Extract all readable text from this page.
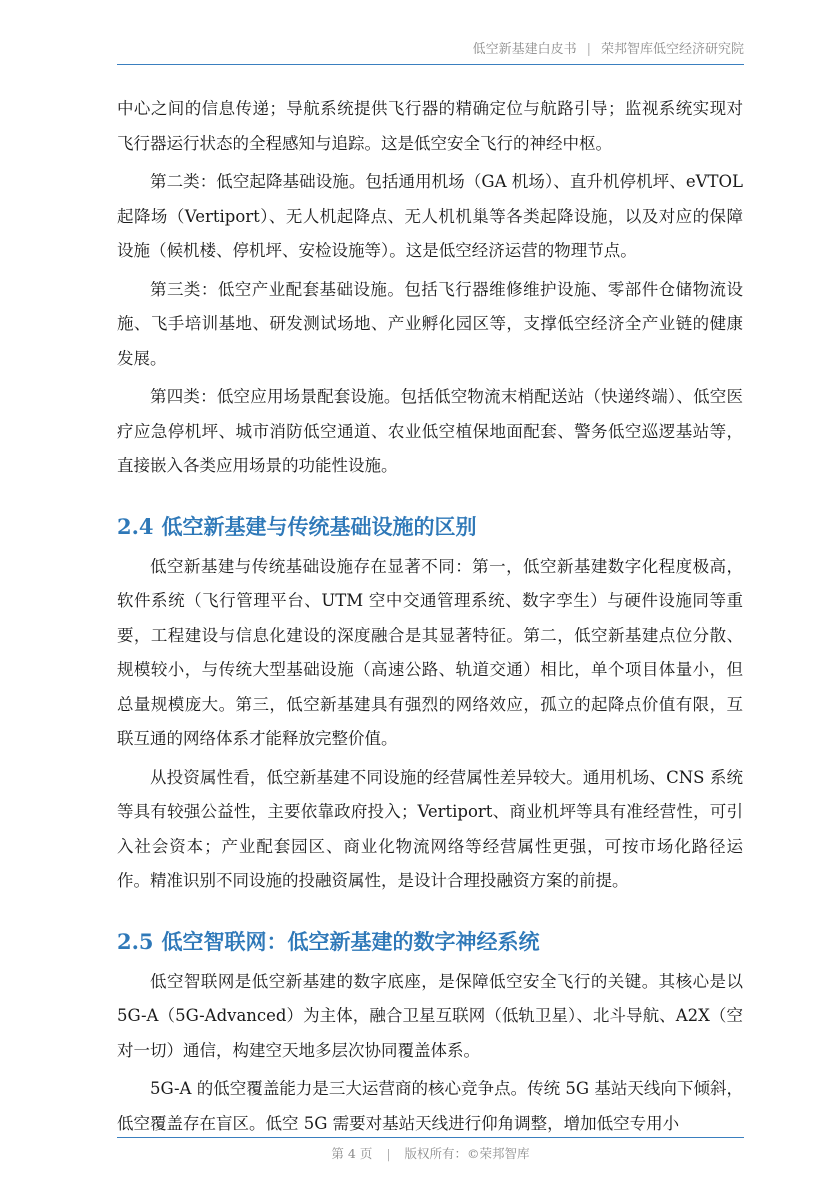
低空新基建白皮书 | 荣邦智库低空经济研究院

中心之间的信息传递；导航系统提供飞行器的精确定位与航路引导；监视系统实现对飞行器运行状态的全程感知与追踪。这是低空安全飞行的神经中枢。

第二类：低空起降基础设施。包括通用机场（GA 机场）、直升机停机坪、eVTOL 起降场（Vertiport）、无人机起降点、无人机机巢等各类起降设施，以及对应的保障设施（候机楼、停机坪、安检设施等）。这是低空经济运营的物理节点。

第三类：低空产业配套基础设施。包括飞行器维修维护设施、零部件仓储物流设施、飞手培训基地、研发测试场地、产业孵化园区等，支撑低空经济全产业链的健康发展。

第四类：低空应用场景配套设施。包括低空物流末梢配送站（快递终端）、低空医疗应急停机坪、城市消防低空通道、农业低空植保地面配套、警务低空巡逻基站等，直接嵌入各类应用场景的功能性设施。

2.4 低空新基建与传统基础设施的区别

低空新基建与传统基础设施存在显著不同：第一，低空新基建数字化程度极高，软件系统（飞行管理平台、UTM 空中交通管理系统、数字孪生）与硬件设施同等重要，工程建设与信息化建设的深度融合是其显著特征。第二，低空新基建点位分散、规模较小，与传统大型基础设施（高速公路、轨道交通）相比，单个项目体量小，但总量规模庞大。第三，低空新基建具有强烈的网络效应，孤立的起降点价值有限，互联互通的网络体系才能释放完整价值。

从投资属性看，低空新基建不同设施的经营属性差异较大。通用机场、CNS 系统等具有较强公益性，主要依靠政府投入；Vertiport、商业机坪等具有准经营性，可引入社会资本；产业配套园区、商业化物流网络等经营属性更强，可按市场化路径运作。精准识别不同设施的投融资属性，是设计合理投融资方案的前提。

2.5 低空智联网：低空新基建的数字神经系统

低空智联网是低空新基建的数字底座，是保障低空安全飞行的关键。其核心是以 5G-A（5G-Advanced）为主体，融合卫星互联网（低轨卫星）、北斗导航、A2X（空对一切）通信，构建空天地多层次协同覆盖体系。

5G-A 的低空覆盖能力是三大运营商的核心竞争点。传统 5G 基站天线向下倾斜，低空覆盖存在盲区。低空 5G 需要对基站天线进行仰角调整，增加低空专用小

第 4 页 | 版权所有：©荣邦智库
